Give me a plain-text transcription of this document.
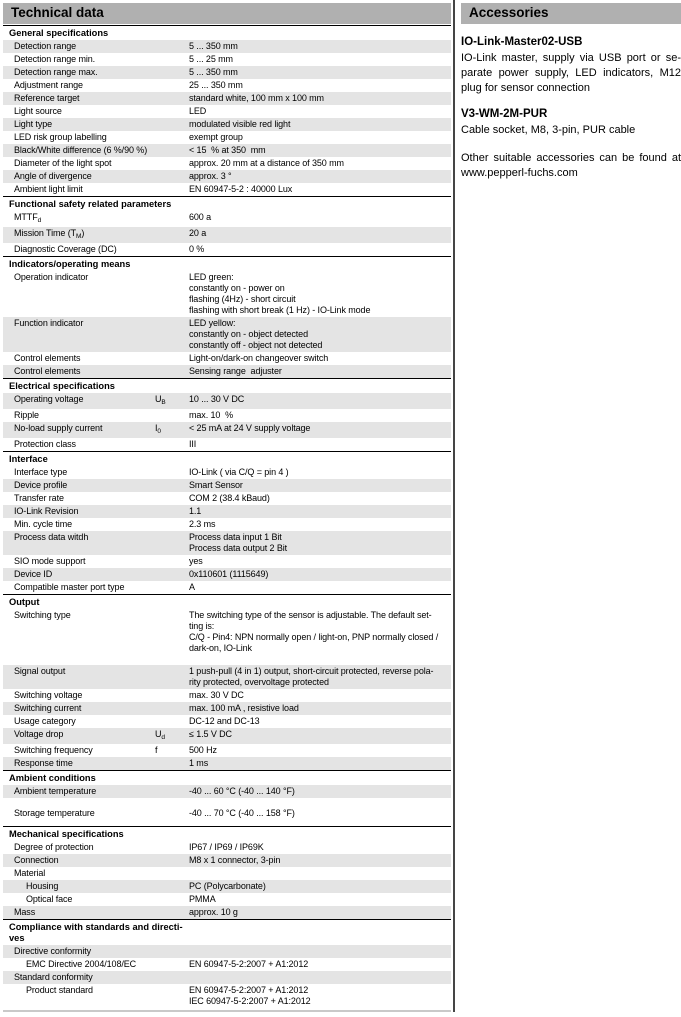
Technical data
General specifications
Detection range	5 ... 350 mm
Detection range min.	5 ... 25 mm
Detection range max.	5 ... 350 mm
Adjustment range	25 ... 350 mm
Reference target	standard white, 100 mm x 100 mm
Light source	LED
Light type	modulated visible red light
LED risk group labelling	exempt group
Black/White difference (6 %/90 %)	< 15  % at 350  mm
Diameter of the light spot	approx. 20 mm at a distance of 350 mm
Angle of divergence	approx. 3 °
Ambient light limit	EN 60947-5-2 : 40000 Lux
Functional safety related parameters
$MTTF_d$	600 a
Mission Time $(T_M)$	20 a
Diagnostic Coverage (DC)	0 %
Indicators/operating means
Operation indicator	LED green:
constantly on - power on
flashing (4Hz) - short circuit
flashing with short break (1 Hz) - IO-Link mode
Function indicator	LED yellow:
constantly on - object detected
constantly off - object not detected
Control elements	Light-on/dark-on changeover switch
Control elements	Sensing range  adjuster
Electrical specifications
Operating voltage	$U_B$	10 ... 30 V DC
Ripple	max. 10  %
No-load supply current	$I_0$	< 25 mA at 24 V supply voltage
Protection class	III
Interface
Interface type	IO-Link ( via C/Q = pin 4 )
Device profile	Smart Sensor
Transfer rate	COM 2 (38.4 kBaud)
IO-Link Revision	1.1
Min. cycle time	2.3 ms
Process data witdh	Process data input 1 Bit
Process data output 2 Bit
SIO mode support	yes
Device ID	0x110601 (1115649)
Compatible master port type	A
Output
Switching type	The switching type of the sensor is adjustable. The default set-
ting is:
C/Q - Pin4: NPN normally open / light-on, PNP normally closed /
dark-on, IO-Link
Signal output	1 push-pull (4 in 1) output, short-circuit protected, reverse pola-
rity protected, overvoltage protected
Switching voltage	max. 30 V DC
Switching current	max. 100 mA , resistive load
Usage category	DC-12 and DC-13
Voltage drop	$U_d$	≤ 1.5 V DC
Switching frequency	f	500 Hz
Response time	1 ms
Ambient conditions
Ambient temperature	-40 ... 60 °C (-40 ... 140 °F)
Storage temperature	-40 ... 70 °C (-40 ... 158 °F)
Mechanical specifications
Degree of protection	IP67 / IP69 / IP69K
Connection	M8 x 1 connector, 3-pin
Material
Housing	PC (Polycarbonate)
Optical face	PMMA
Mass	approx. 10 g
Compliance with standards and directi-
ves
Directive conformity
EMC Directive 2004/108/EC	EN 60947-5-2:2007 + A1:2012
Standard conformity
Product standard	EN 60947-5-2:2007 + A1:2012
IEC 60947-5-2:2007 + A1:2012
Accessories
IO-Link-Master02-USB
IO-Link master, supply via USB port or se-
parate power supply, LED indicators, M12
plug for sensor connection
V3-WM-2M-PUR
Cable socket, M8, 3-pin, PUR cable
Other suitable accessories can be found at
www.pepperl-fuchs.com
